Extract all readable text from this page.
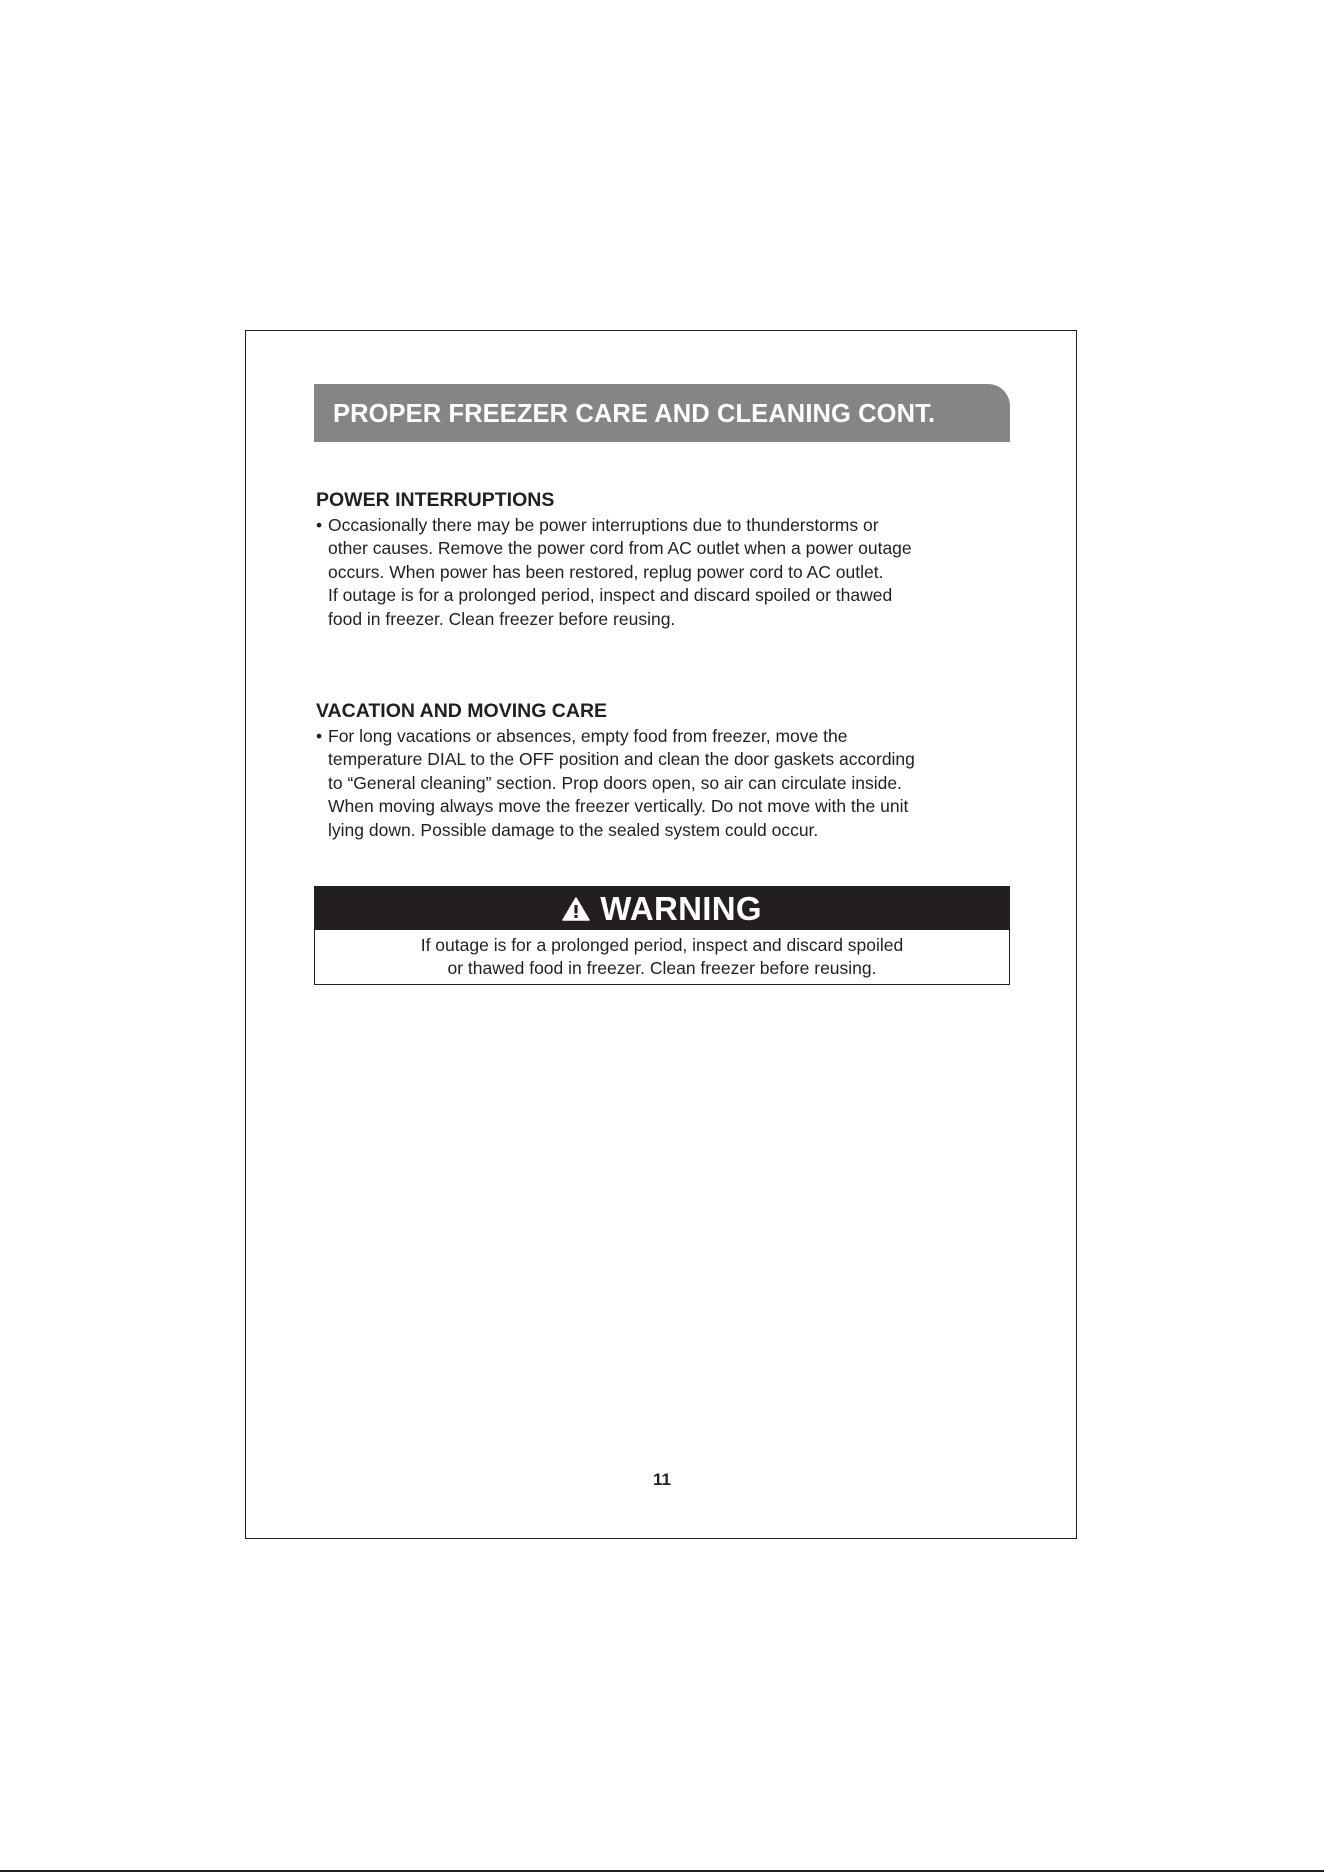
PROPER FREEZER CARE AND CLEANING CONT.
POWER INTERRUPTIONS
• Occasionally there may be power interruptions due to thunderstorms or
other causes. Remove the power cord from AC outlet when a power outage
occurs. When power has been restored, replug power cord to AC outlet.
If outage is for a prolonged period, inspect and discard spoiled or thawed
food in freezer. Clean freezer before reusing.
VACATION AND MOVING CARE
• For long vacations or absences, empty food from freezer, move the
temperature DIAL to the OFF position and clean the door gaskets according
to “General cleaning” section. Prop doors open, so air can circulate inside.
When moving always move the freezer vertically. Do not move with the unit
lying down. Possible damage to the sealed system could occur.
WARNING
If outage is for a prolonged period, inspect and discard spoiled
or thawed food in freezer. Clean freezer before reusing.
11
